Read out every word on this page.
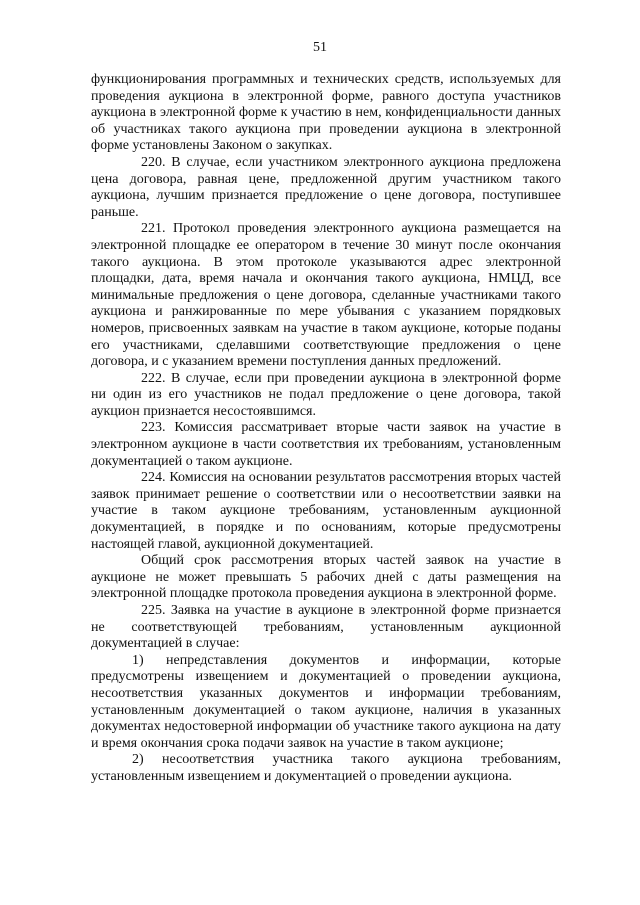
51

функционирования программных и технических средств, используемых для проведения аукциона в электронной форме, равного доступа участников аукциона в электронной форме к участию в нем, конфиденциальности данных об участниках такого аукциона при проведении аукциона в электронной форме установлены Законом о закупках.

220. В случае, если участником электронного аукциона предложена цена договора, равная цене, предложенной другим участником такого аукциона, лучшим признается предложение о цене договора, поступившее раньше.

221. Протокол проведения электронного аукциона размещается на электронной площадке ее оператором в течение 30 минут после окончания такого аукциона. В этом протоколе указываются адрес электронной площадки, дата, время начала и окончания такого аукциона, НМЦД, все минимальные предложения о цене договора, сделанные участниками такого аукциона и ранжированные по мере убывания с указанием порядковых номеров, присвоенных заявкам на участие в таком аукционе, которые поданы его участниками, сделавшими соответствующие предложения о цене договора, и с указанием времени поступления данных предложений.

222. В случае, если при проведении аукциона в электронной форме ни один из его участников не подал предложение о цене договора, такой аукцион признается несостоявшимся.

223. Комиссия рассматривает вторые части заявок на участие в электронном аукционе в части соответствия их требованиям, установленным документацией о таком аукционе.

224. Комиссия на основании результатов рассмотрения вторых частей заявок принимает решение о соответствии или о несоответствии заявки на участие в таком аукционе требованиям, установленным аукционной документацией, в порядке и по основаниям, которые предусмотрены настоящей главой, аукционной документацией.

Общий срок рассмотрения вторых частей заявок на участие в аукционе не может превышать 5 рабочих дней с даты размещения на электронной площадке протокола проведения аукциона в электронной форме.

225. Заявка на участие в аукционе в электронной форме признается не соответствующей требованиям, установленным аукционной документацией в случае:

1) непредставления документов и информации, которые предусмотрены извещением и документацией о проведении аукциона, несоответствия указанных документов и информации требованиям, установленным документацией о таком аукционе, наличия в указанных документах недостоверной информации об участнике такого аукциона на дату и время окончания срока подачи заявок на участие в таком аукционе;

2) несоответствия участника такого аукциона требованиям, установленным извещением и документацией о проведении аукциона.
